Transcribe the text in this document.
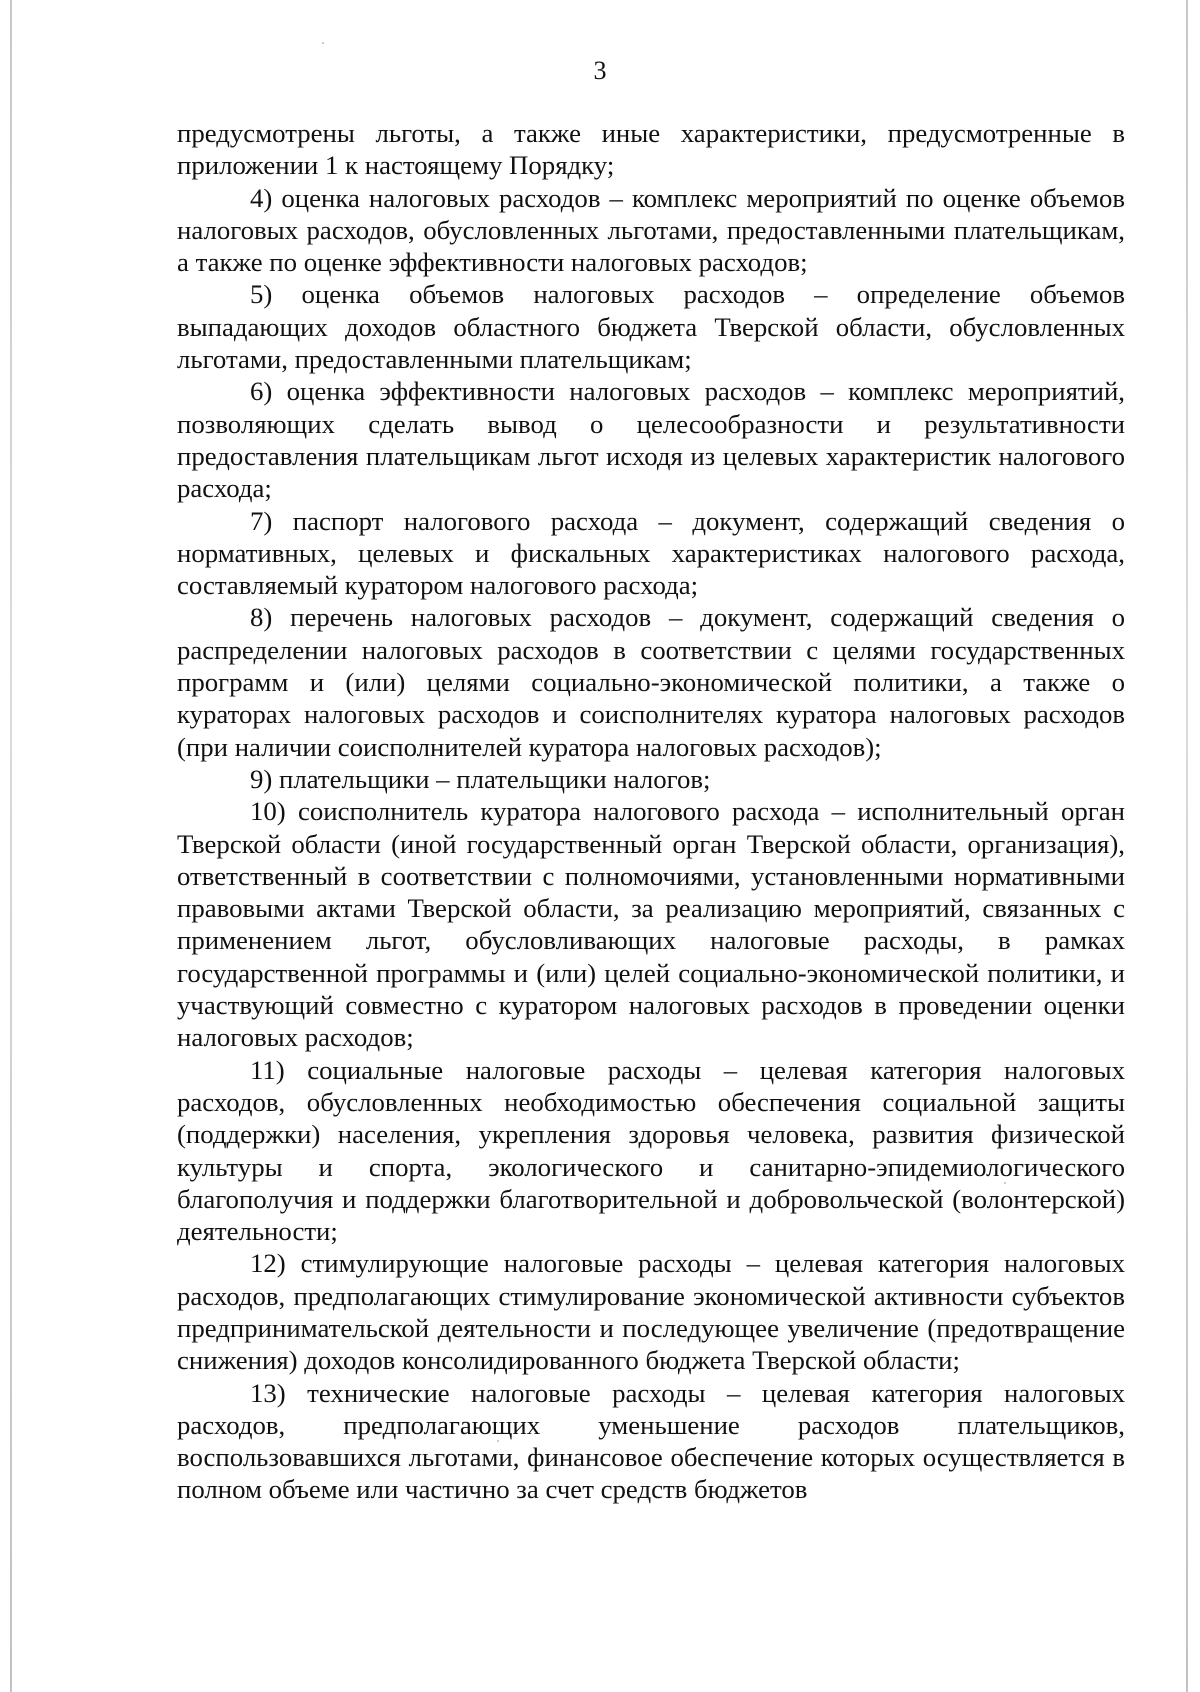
3

предусмотрены льготы, а также иные характеристики, предусмотренные в приложении 1 к настоящему Порядку;

4) оценка налоговых расходов – комплекс мероприятий по оценке объемов налоговых расходов, обусловленных льготами, предоставленными плательщикам, а также по оценке эффективности налоговых расходов;

5) оценка объемов налоговых расходов – определение объемов выпадающих доходов областного бюджета Тверской области, обусловленных льготами, предоставленными плательщикам;

6) оценка эффективности налоговых расходов – комплекс мероприятий, позволяющих сделать вывод о целесообразности и результативности предоставления плательщикам льгот исходя из целевых характеристик налогового расхода;

7) паспорт налогового расхода – документ, содержащий сведения о нормативных, целевых и фискальных характеристиках налогового расхода, составляемый куратором налогового расхода;

8) перечень налоговых расходов – документ, содержащий сведения о распределении налоговых расходов в соответствии с целями государственных программ и (или) целями социально-экономической политики, а также о кураторах налоговых расходов и соисполнителях куратора налоговых расходов (при наличии соисполнителей куратора налоговых расходов);

9) плательщики – плательщики налогов;

10) соисполнитель куратора налогового расхода – исполнительный орган Тверской области (иной государственный орган Тверской области, организация), ответственный в соответствии с полномочиями, установленными нормативными правовыми актами Тверской области, за реализацию мероприятий, связанных с применением льгот, обусловливающих налоговые расходы, в рамках государственной программы и (или) целей социально-экономической политики, и участвующий совместно с куратором налоговых расходов в проведении оценки налоговых расходов;

11) социальные налоговые расходы – целевая категория налоговых расходов, обусловленных необходимостью обеспечения социальной защиты (поддержки) населения, укрепления здоровья человека, развития физической культуры и спорта, экологического и санитарно-эпидемиологического благополучия и поддержки благотворительной и добровольческой (волонтерской) деятельности;

12) стимулирующие налоговые расходы – целевая категория налоговых расходов, предполагающих стимулирование экономической активности субъектов предпринимательской деятельности и последующее увеличение (предотвращение снижения) доходов консолидированного бюджета Тверской области;

13) технические налоговые расходы – целевая категория налоговых расходов, предполагающих уменьшение расходов плательщиков, воспользовавшихся льготами, финансовое обеспечение которых осуществляется в полном объеме или частично за счет средств бюджетов
